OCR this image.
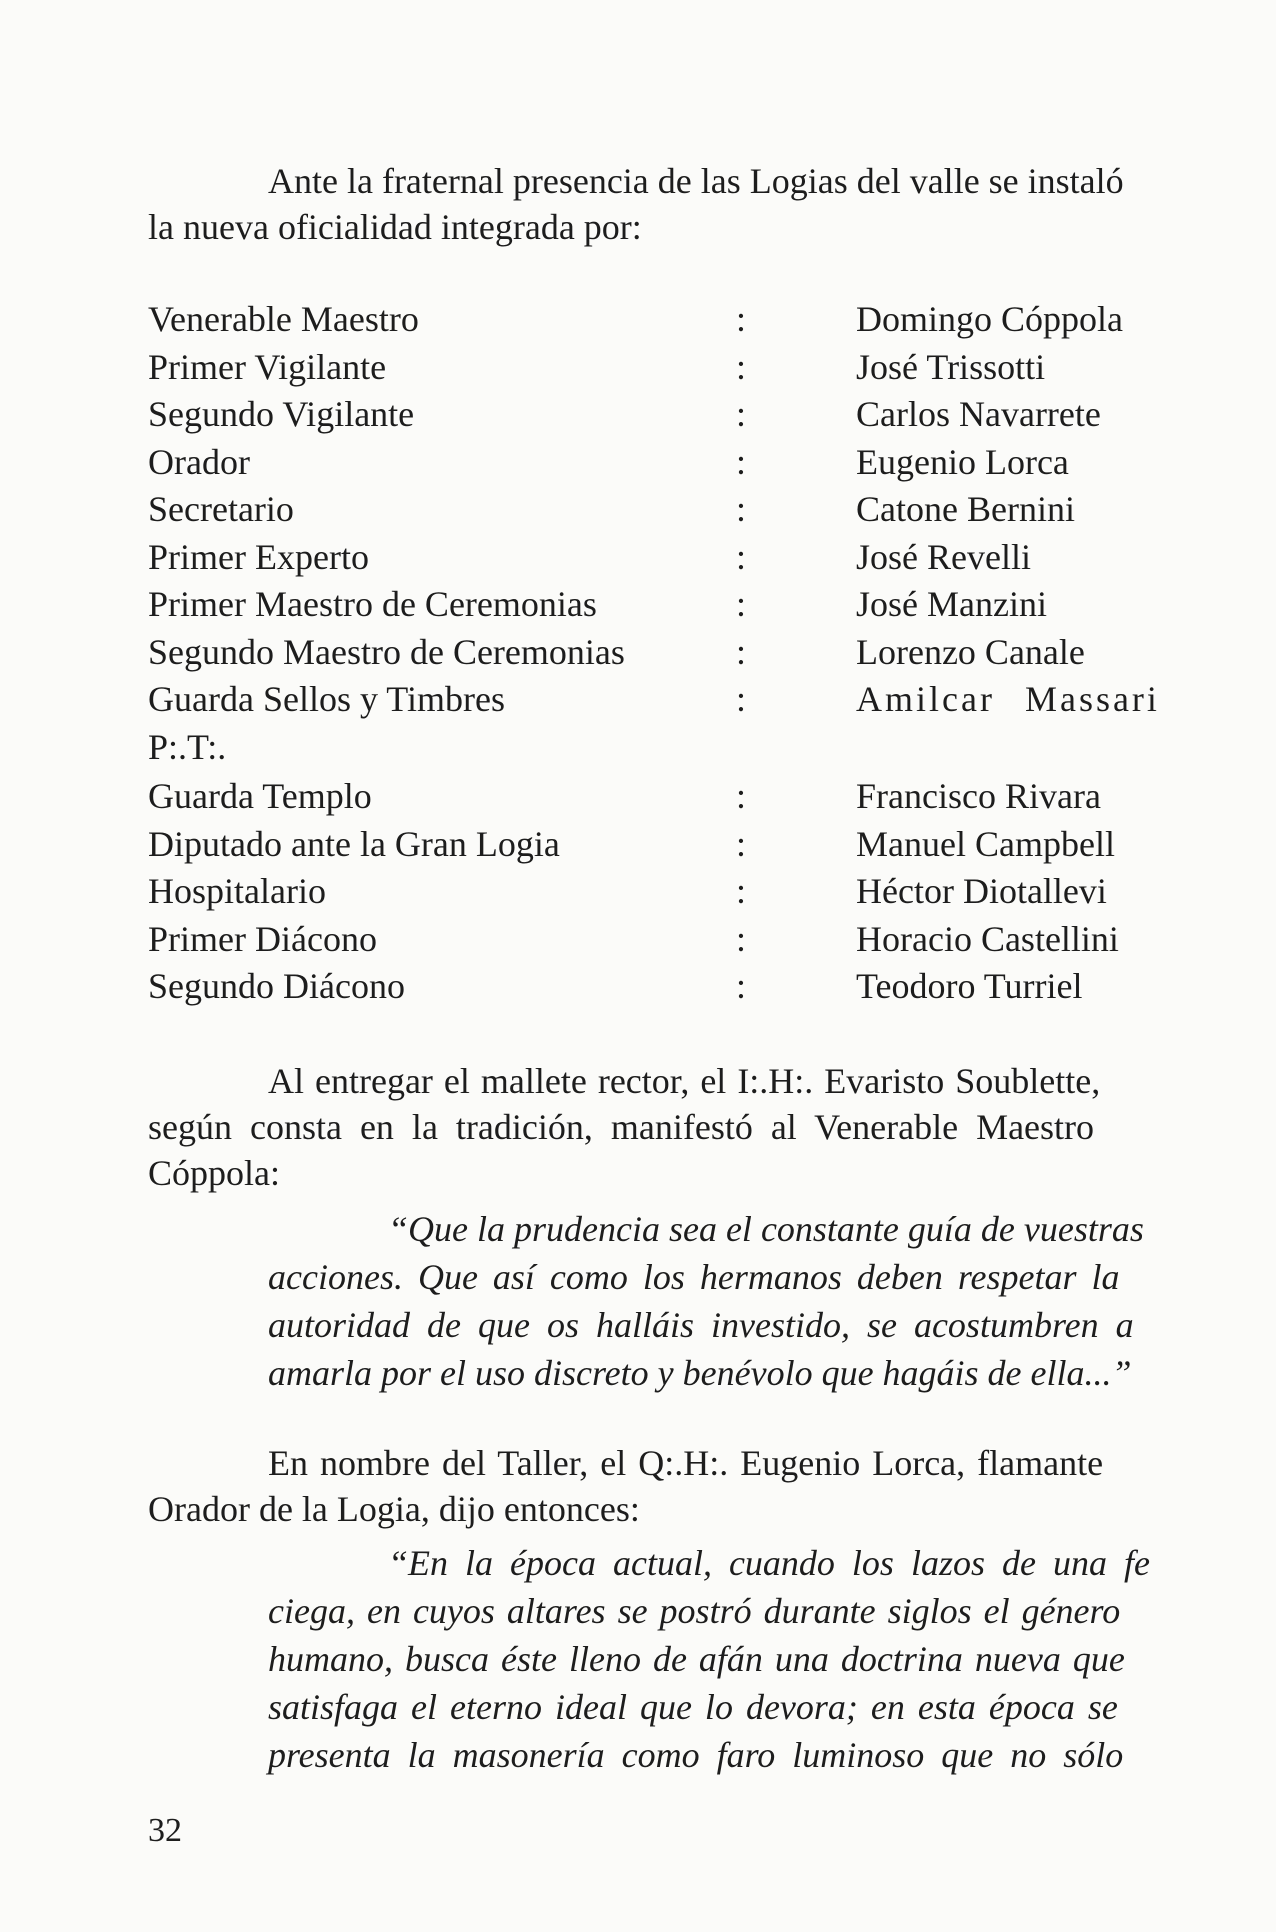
Ante la fraternal presencia de las Logias del valle se instaló
la nueva oficialidad integrada por:
Venerable Maestro	:	Domingo Cóppola
Primer Vigilante	:	José Trissotti
Segundo Vigilante	:	Carlos Navarrete
Orador	:	Eugenio Lorca
Secretario	:	Catone Bernini
Primer Experto	:	José Revelli
Primer Maestro de Ceremonias	:	José Manzini
Segundo Maestro de Ceremonias	:	Lorenzo Canale
Guarda Sellos y Timbres	:	Amilcar Massari
P:.T:.
Guarda Templo	:	Francisco Rivara
Diputado ante la Gran Logia	:	Manuel Campbell
Hospitalario	:	Héctor Diotallevi
Primer Diácono	:	Horacio Castellini
Segundo Diácono	:	Teodoro Turriel
Al entregar el mallete rector, el I:.H:. Evaristo Soublette,
según consta en la tradición, manifestó al Venerable Maestro
Cóppola:
“Que la prudencia sea el constante guía de vuestras
acciones. Que así como los hermanos deben respetar la
autoridad de que os halláis investido, se acostumbren a
amarla por el uso discreto y benévolo que hagáis de ella...”
En nombre del Taller, el Q:.H:. Eugenio Lorca, flamante
Orador de la Logia, dijo entonces:
“En la época actual, cuando los lazos de una fe
ciega, en cuyos altares se postró durante siglos el género
humano, busca éste lleno de afán una doctrina nueva que
satisfaga el eterno ideal que lo devora; en esta época se
presenta la masonería como faro luminoso que no sólo
32
